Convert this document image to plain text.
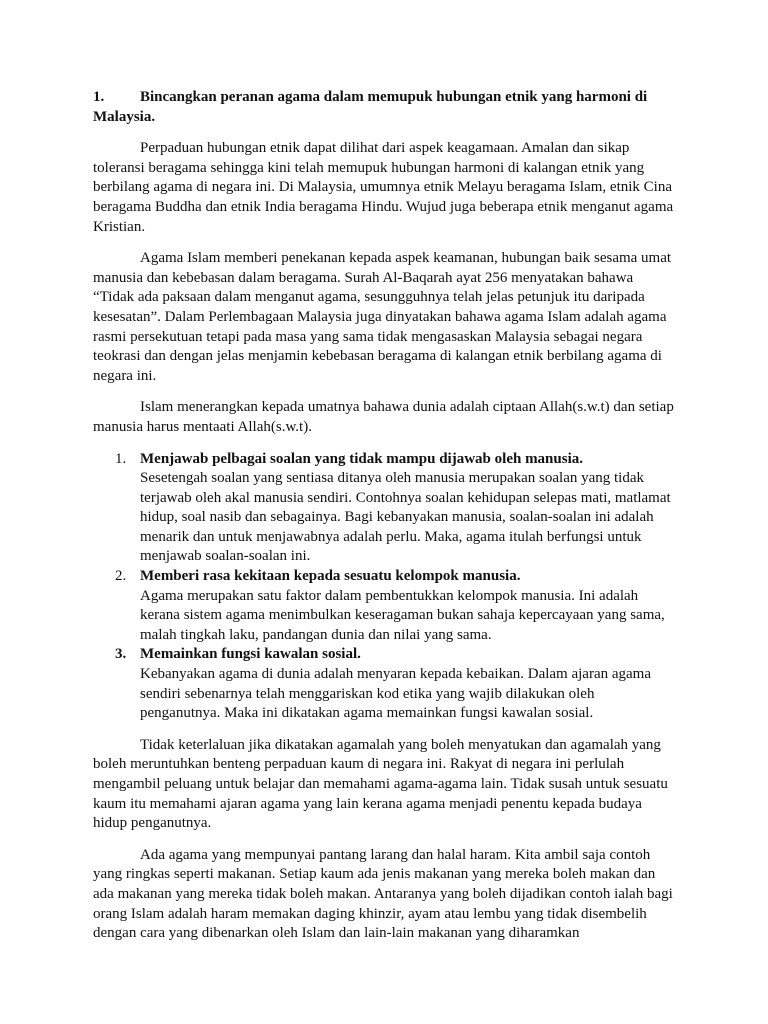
1. Bincangkan peranan agama dalam memupuk hubungan etnik yang harmoni di Malaysia.

Perpaduan hubungan etnik dapat dilihat dari aspek keagamaan. Amalan dan sikap toleransi beragama sehingga kini telah memupuk hubungan harmoni di kalangan etnik yang berbilang agama di negara ini. Di Malaysia, umumnya etnik Melayu beragama Islam, etnik Cina beragama Buddha dan etnik India beragama Hindu. Wujud juga beberapa etnik menganut agama Kristian.

Agama Islam memberi penekanan kepada aspek keamanan, hubungan baik sesama umat manusia dan kebebasan dalam beragama. Surah Al-Baqarah ayat 256 menyatakan bahawa “Tidak ada paksaan dalam menganut agama, sesungguhnya telah jelas petunjuk itu daripada kesesatan”. Dalam Perlembagaan Malaysia juga dinyatakan bahawa agama Islam adalah agama rasmi persekutuan tetapi pada masa yang sama tidak mengasaskan Malaysia sebagai negara teokrasi dan dengan jelas menjamin kebebasan beragama di kalangan etnik berbilang agama di negara ini.

Islam menerangkan kepada umatnya bahawa dunia adalah ciptaan Allah(s.w.t) dan setiap manusia harus mentaati Allah(s.w.t).

1. Menjawab pelbagai soalan yang tidak mampu dijawab oleh manusia.
Sesetengah soalan yang sentiasa ditanya oleh manusia merupakan soalan yang tidak terjawab oleh akal manusia sendiri. Contohnya soalan kehidupan selepas mati, matlamat hidup, soal nasib dan sebagainya. Bagi kebanyakan manusia, soalan-soalan ini adalah menarik dan untuk menjawabnya adalah perlu. Maka, agama itulah berfungsi untuk menjawab soalan-soalan ini.
2. Memberi rasa kekitaan kepada sesuatu kelompok manusia.
Agama merupakan satu faktor dalam pembentukkan kelompok manusia. Ini adalah kerana sistem agama menimbulkan keseragaman bukan sahaja kepercayaan yang sama, malah tingkah laku, pandangan dunia dan nilai yang sama.
3. Memainkan fungsi kawalan sosial.
Kebanyakan agama di dunia adalah menyaran kepada kebaikan. Dalam ajaran agama sendiri sebenarnya telah menggariskan kod etika yang wajib dilakukan oleh penganutnya. Maka ini dikatakan agama memainkan fungsi kawalan sosial.

Tidak keterlaluan jika dikatakan agamalah yang boleh menyatukan dan agamalah yang boleh meruntuhkan benteng perpaduan kaum di negara ini. Rakyat di negara ini perlulah mengambil peluang untuk belajar dan memahami agama-agama lain. Tidak susah untuk sesuatu kaum itu memahami ajaran agama yang lain kerana agama menjadi penentu kepada budaya hidup penganutnya.

Ada agama yang mempunyai pantang larang dan halal haram. Kita ambil saja contoh yang ringkas seperti makanan. Setiap kaum ada jenis makanan yang mereka boleh makan dan ada makanan yang mereka tidak boleh makan. Antaranya yang boleh dijadikan contoh ialah bagi orang Islam adalah haram memakan daging khinzir, ayam atau lembu yang tidak disembelih dengan cara yang dibenarkan oleh Islam dan lain-lain makanan yang diharamkan
